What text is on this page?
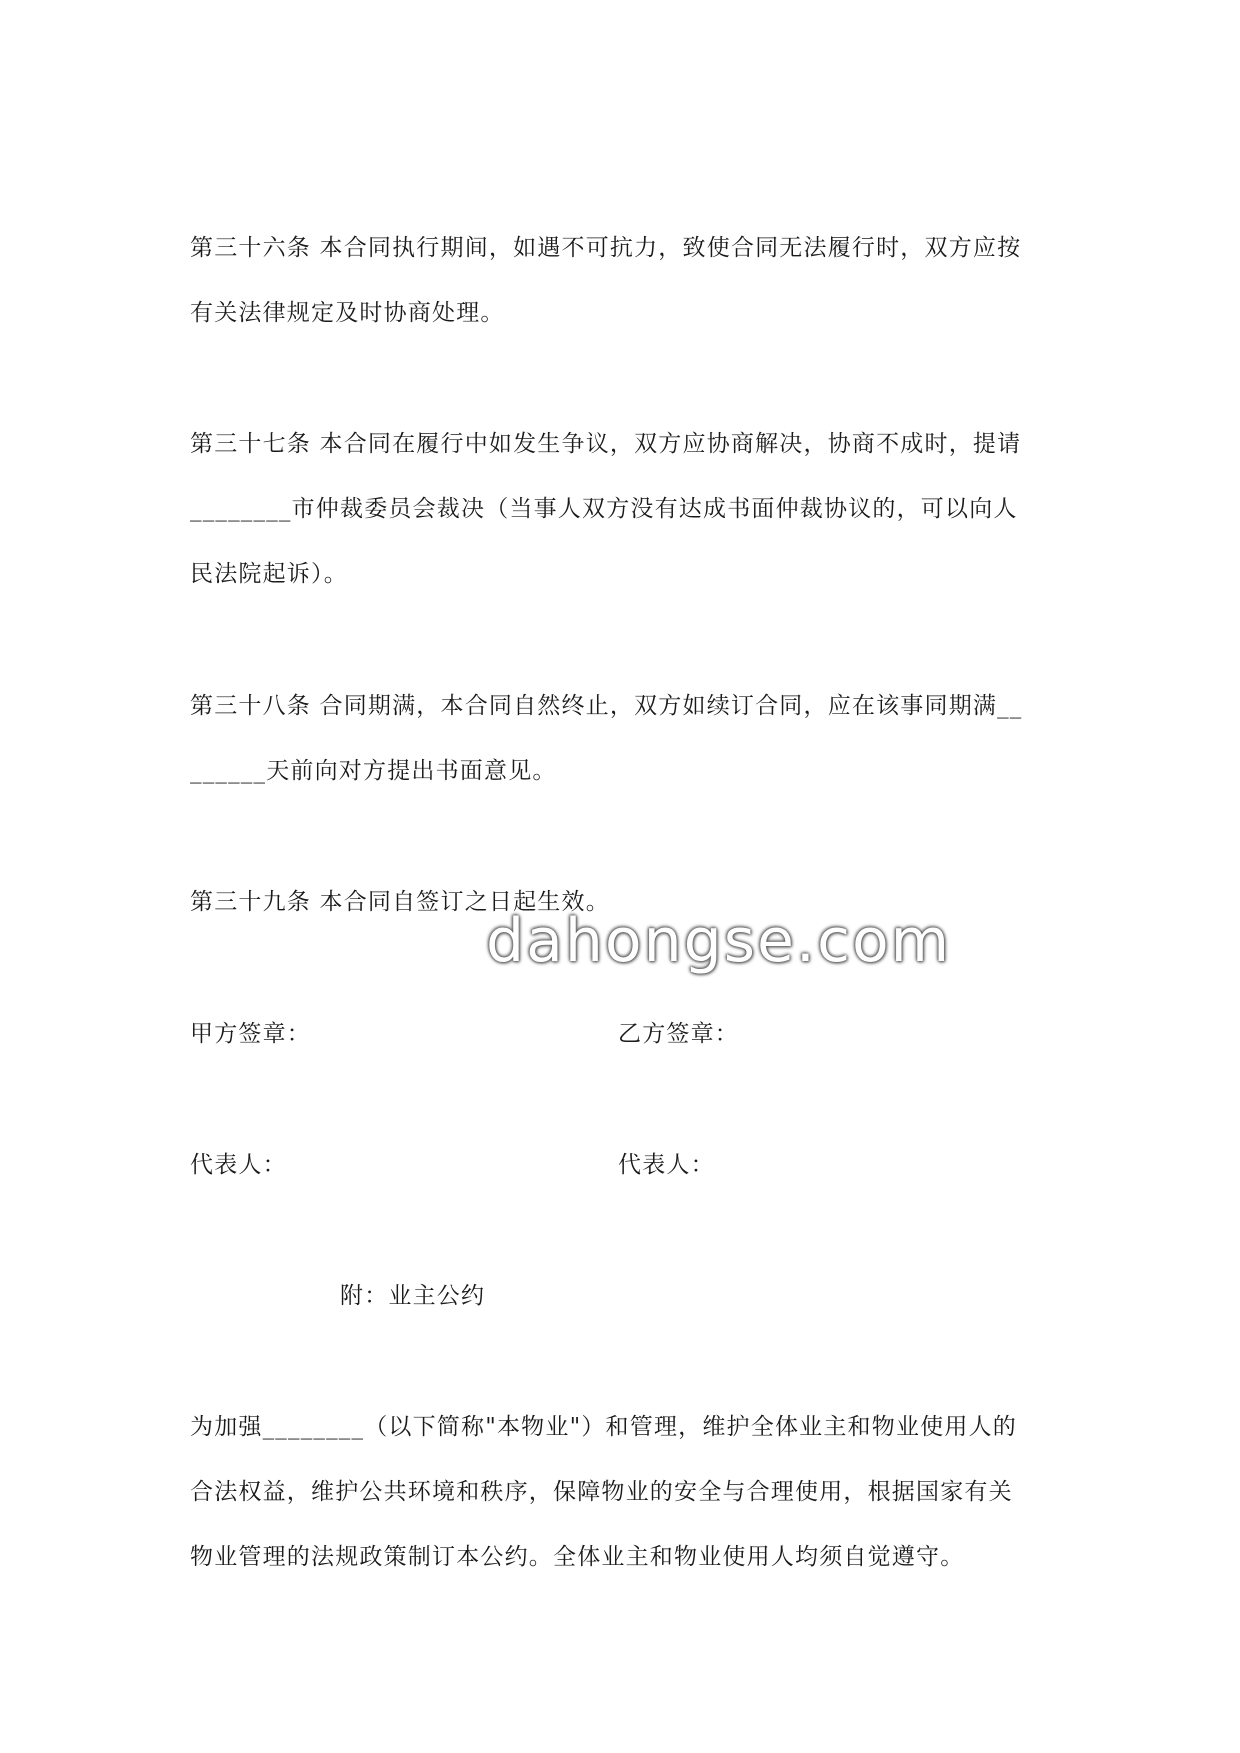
第三十六条 本合同执行期间，如遇不可抗力，致使合同无法履行时，双方应按
有关法律规定及时协商处理。
第三十七条 本合同在履行中如发生争议，双方应协商解决，协商不成时，提请
________市仲裁委员会裁决（当事人双方没有达成书面仲裁协议的，可以向人
民法院起诉）。
第三十八条 合同期满，本合同自然终止，双方如续订合同，应在该事同期满__
______天前向对方提出书面意见。
第三十九条 本合同自签订之日起生效。
dahongse.com
甲方签章：	乙方签章：
代表人：	代表人：
附：业主公约
为加强________（以下简称"本物业"）和管理，维护全体业主和物业使用人的
合法权益，维护公共环境和秩序，保障物业的安全与合理使用，根据国家有关
物业管理的法规政策制订本公约。全体业主和物业使用人均须自觉遵守。
